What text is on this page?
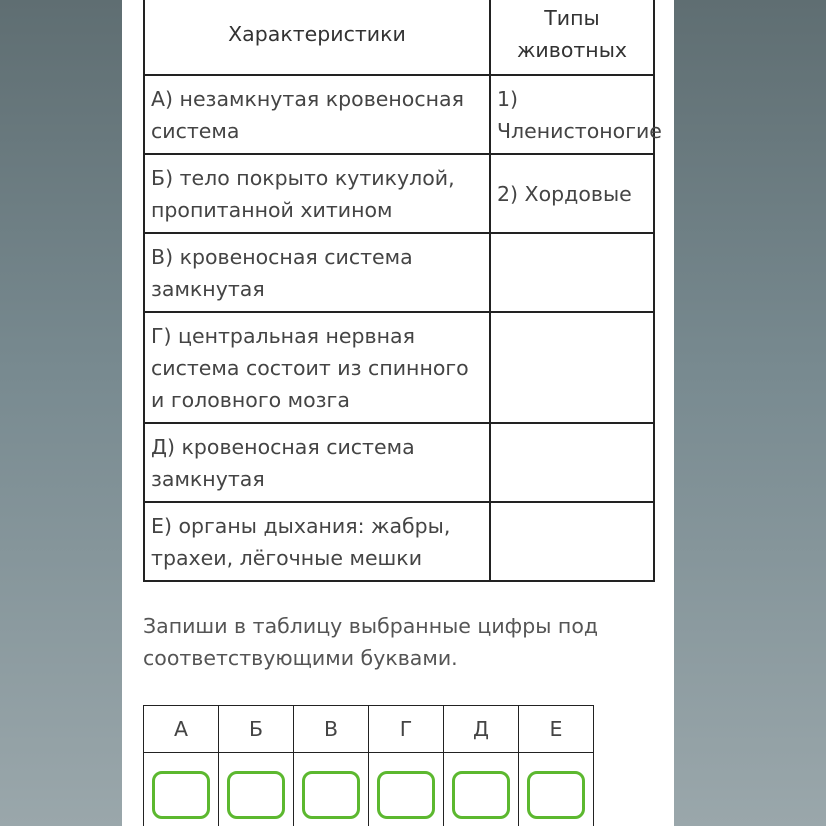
Характеристики	Типы животных
А) незамкнутая кровеносная система	1) Членистоногие
Б) тело покрыто кутикулой, пропитанной хитином	2) Хордовые
В) кровеносная система замкнутая	
Г) центральная нервная система состоит из спинного и головного мозга	
Д) кровеносная система замкнутая	
Е) органы дыхания: жабры, трахеи, лёгочные мешки	
Запиши в таблицу выбранные цифры под соответствующими буквами.
А	Б	В	Г	Д	Е
